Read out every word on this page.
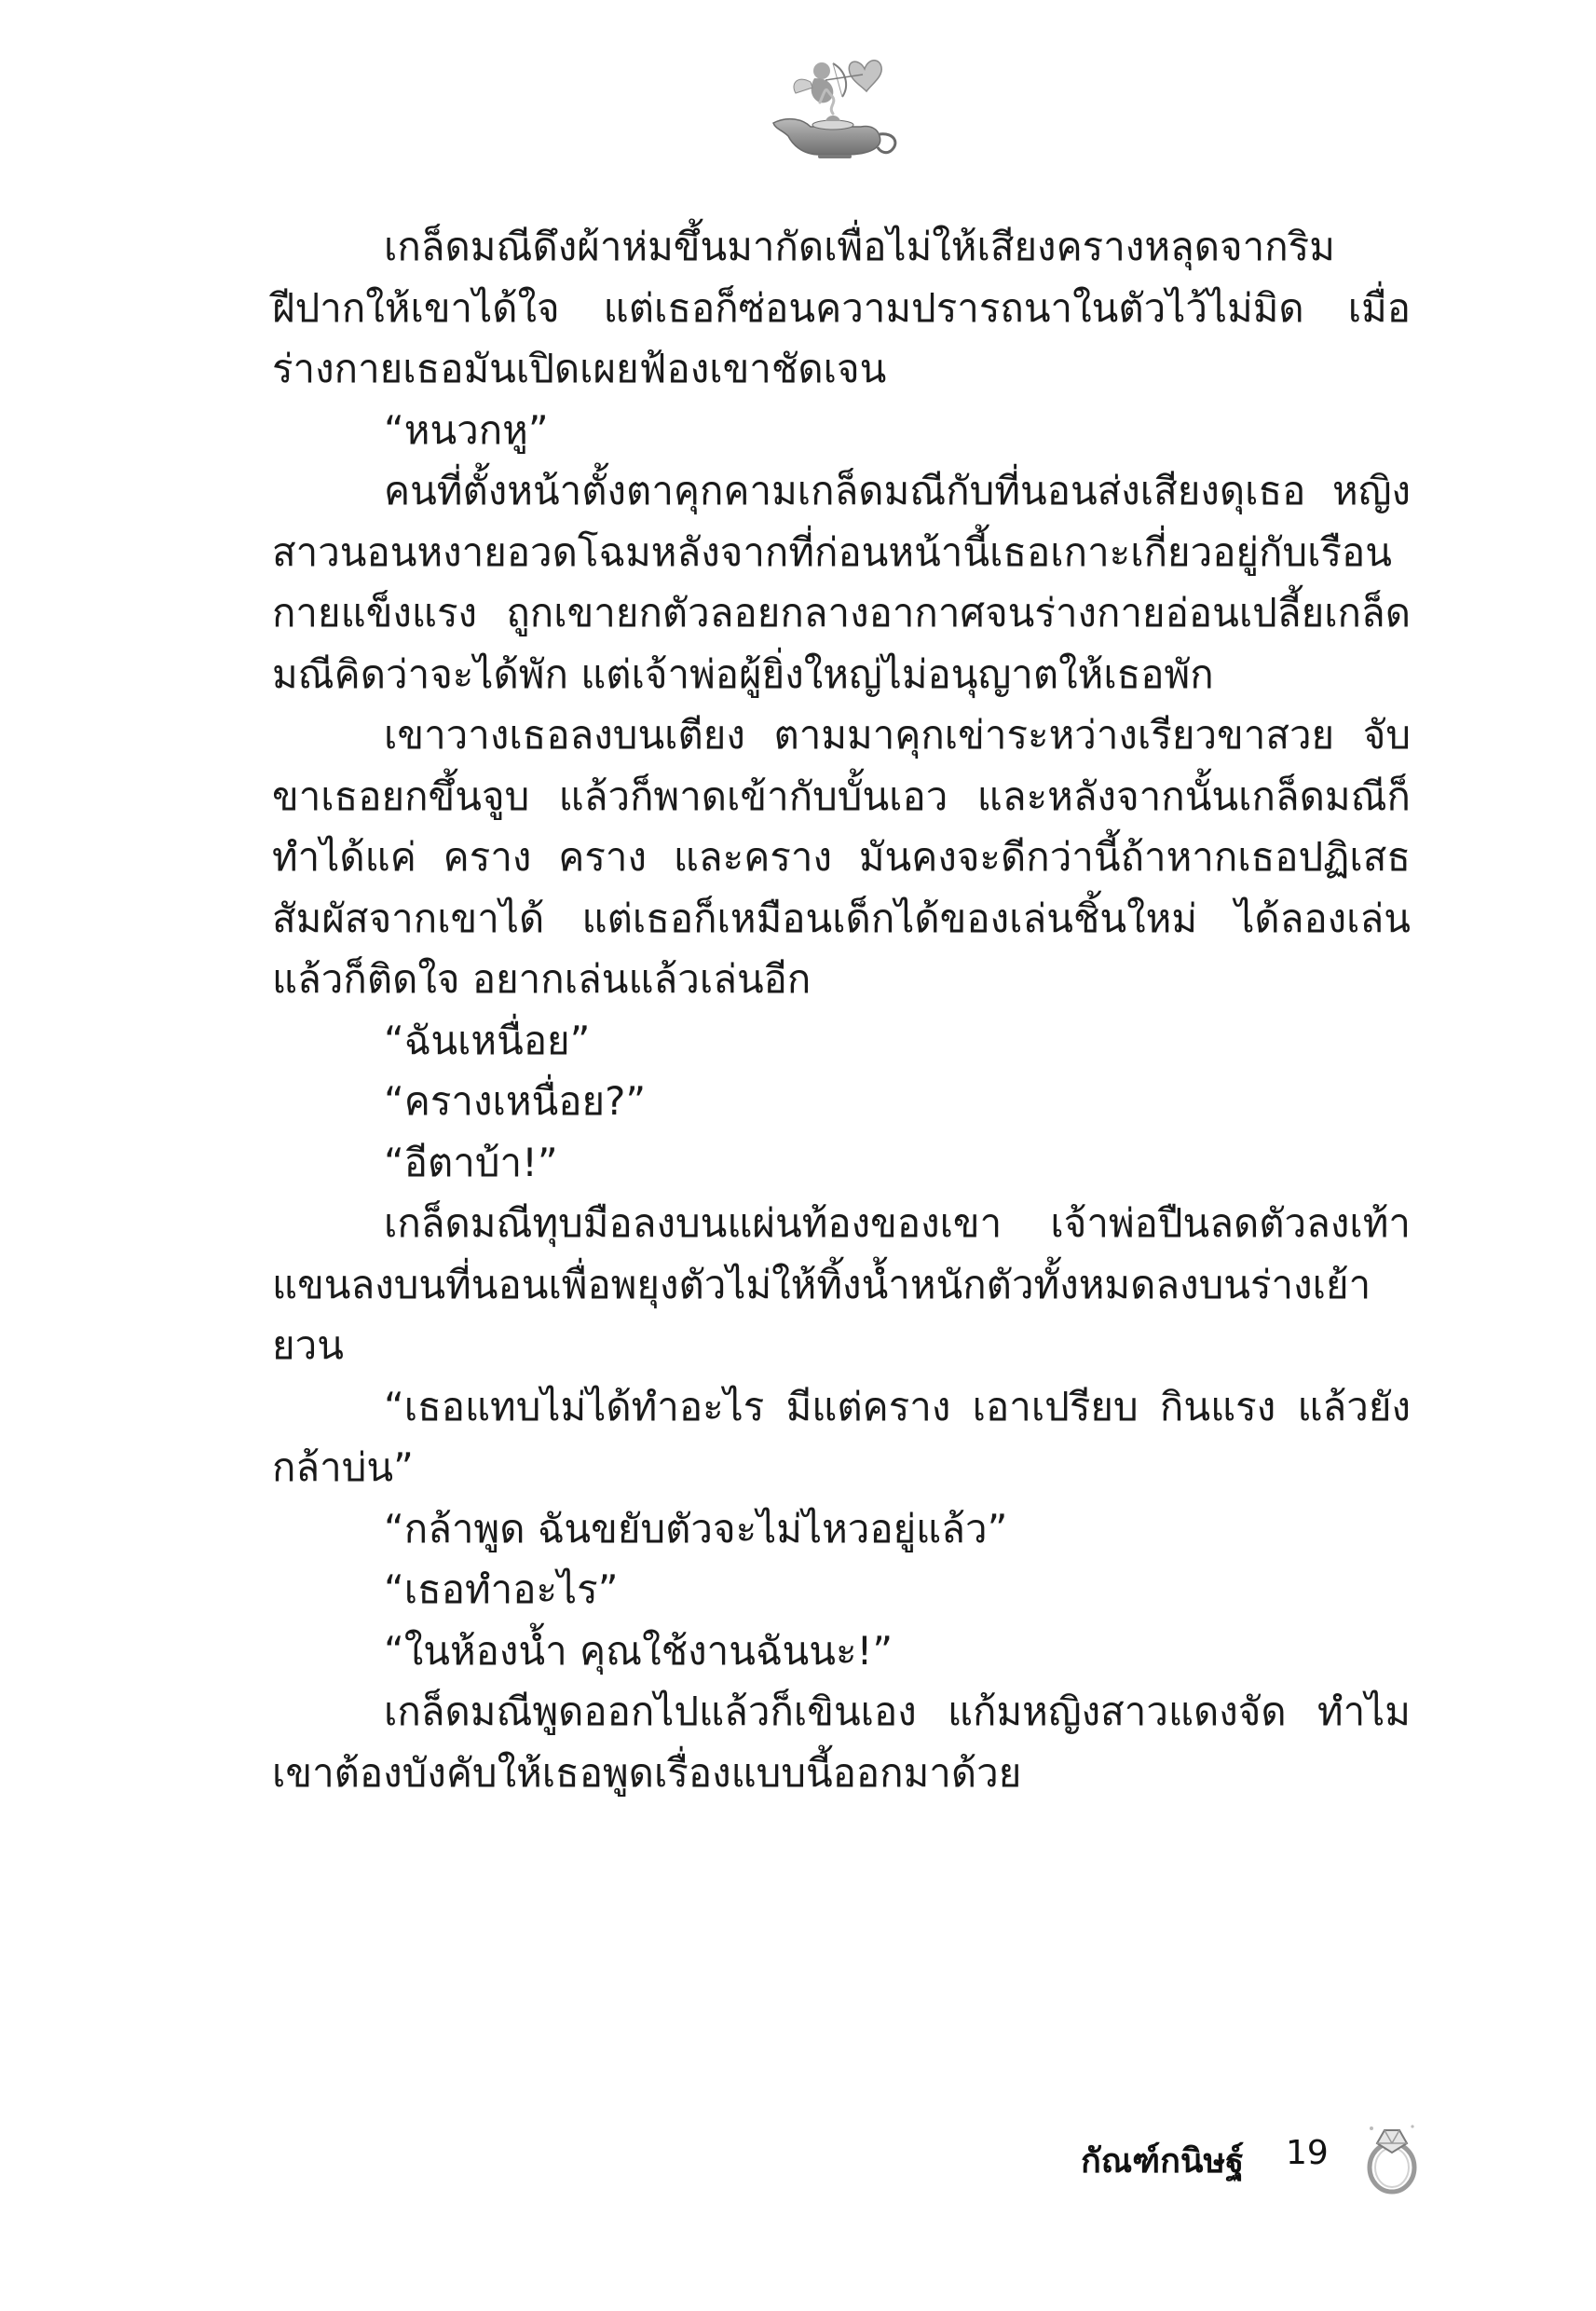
เกล็ดมณีดึงผ้าห่มขึ้นมากัดเพื่อไม่ให้เสียงครางหลุดจากริมฝีปากให้เขาได้ใจ แต่เธอก็ซ่อนความปรารถนาในตัวไว้ไม่มิด เมื่อร่างกายเธอมันเปิดเผยฟ้องเขาชัดเจน

“หนวกหู”

คนที่ตั้งหน้าตั้งตาคุกคามเกล็ดมณีกับที่นอนส่งเสียงดุเธอ หญิงสาวนอนหงายอวดโฉมหลังจากที่ก่อนหน้านี้เธอเกาะเกี่ยวอยู่กับเรือนกายแข็งแรง ถูกเขายกตัวลอยกลางอากาศจนร่างกายอ่อนเปลี้ยเกล็ดมณีคิดว่าจะได้พัก แต่เจ้าพ่อผู้ยิ่งใหญ่ไม่อนุญาตให้เธอพัก

เขาวางเธอลงบนเตียง ตามมาคุกเข่าระหว่างเรียวขาสวย จับขาเธอยกขึ้นจูบ แล้วก็พาดเข้ากับบั้นเอว และหลังจากนั้นเกล็ดมณีก็ทำได้แค่ คราง คราง และคราง มันคงจะดีกว่านี้ถ้าหากเธอปฏิเสธสัมผัสจากเขาได้ แต่เธอก็เหมือนเด็กได้ของเล่นชิ้นใหม่ ได้ลองเล่นแล้วก็ติดใจ อยากเล่นแล้วเล่นอีก

“ฉันเหนื่อย”

“ครางเหนื่อย?”

“อีตาบ้า!”

เกล็ดมณีทุบมือลงบนแผ่นท้องของเขา เจ้าพ่อปืนลดตัวลงเท้าแขนลงบนที่นอนเพื่อพยุงตัวไม่ให้ทิ้งน้ำหนักตัวทั้งหมดลงบนร่างเย้ายวน

“เธอแทบไม่ได้ทำอะไร มีแต่คราง เอาเปรียบ กินแรง แล้วยังกล้าบ่น”

“กล้าพูด ฉันขยับตัวจะไม่ไหวอยู่แล้ว”

“เธอทำอะไร”

“ในห้องน้ำ คุณใช้งานฉันนะ!”

เกล็ดมณีพูดออกไปแล้วก็เขินเอง แก้มหญิงสาวแดงจัด ทำไมเขาต้องบังคับให้เธอพูดเรื่องแบบนี้ออกมาด้วย

กัณฑ์กนิษฐ์ 19
